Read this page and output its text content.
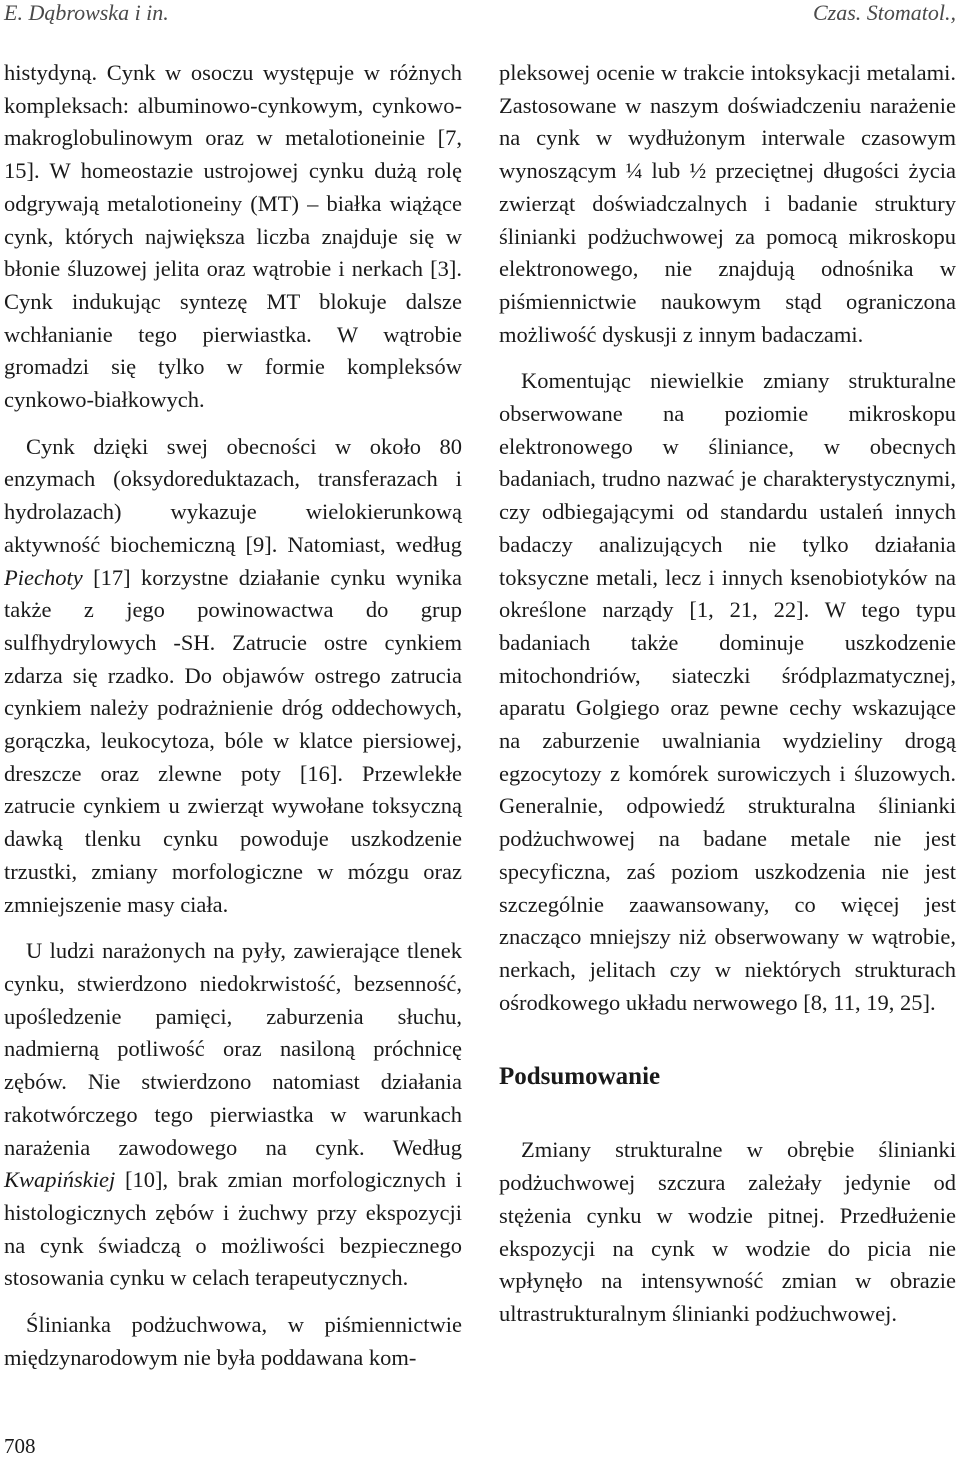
E. Dąbrowska i in.	Czas. Stomatol.,

histydyną. Cynk w osoczu występuje w różnych kompleksach: albuminowo-cynkowym, cynkowo-makroglobulinowym oraz w metalotioneinie [7, 15]. W homeostazie ustrojowej cynku dużą rolę odgrywają metalotioneiny (MT) – białka wiążące cynk, których największa liczba znajduje się w błonie śluzowej jelita oraz wątrobie i nerkach [3]. Cynk indukując syntezę MT blokuje dalsze wchłanianie tego pierwiastka. W wątrobie gromadzi się tylko w formie kompleksów cynkowo-białkowych.

Cynk dzięki swej obecności w około 80 enzymach (oksydoreduktazach, transferazach i hydrolazach) wykazuje wielokierunkową aktywność biochemiczną [9]. Natomiast, według Piechoty [17] korzystne działanie cynku wynika także z jego powinowactwa do grup sulfhydrylowych -SH. Zatrucie ostre cynkiem zdarza się rzadko. Do objawów ostrego zatrucia cynkiem należy podrażnienie dróg oddechowych, gorączka, leukocytoza, bóle w klatce piersiowej, dreszcze oraz zlewne poty [16]. Przewlekłe zatrucie cynkiem u zwierząt wywołane toksyczną dawką tlenku cynku powoduje uszkodzenie trzustki, zmiany morfologiczne w mózgu oraz zmniejszenie masy ciała.

U ludzi narażonych na pyły, zawierające tlenek cynku, stwierdzono niedokrwistość, bezsenność, upośledzenie pamięci, zaburzenia słuchu, nadmierną potliwość oraz nasiloną próchnicę zębów. Nie stwierdzono natomiast działania rakotwórczego tego pierwiastka w warunkach narażenia zawodowego na cynk. Według Kwapińskiej [10], brak zmian morfologicznych i histologicznych zębów i żuchwy przy ekspozycji na cynk świadczą o możliwości bezpiecznego stosowania cynku w celach terapeutycznych.

Ślinianka podżuchwowa, w piśmiennictwie międzynarodowym nie była poddawana kom-

pleksowej ocenie w trakcie intoksykacji metalami. Zastosowane w naszym doświadczeniu narażenie na cynk w wydłużonym interwale czasowym wynoszącym ¼ lub ½ przeciętnej długości życia zwierząt doświadczalnych i badanie struktury ślinianki podżuchwowej za pomocą mikroskopu elektronowego, nie znajdują odnośnika w piśmiennictwie naukowym stąd ograniczona możliwość dyskusji z innym badaczami.

Komentując niewielkie zmiany strukturalne obserwowane na poziomie mikroskopu elektronowego w śliniance, w obecnych badaniach, trudno nazwać je charakterystycznymi, czy odbiegającymi od standardu ustaleń innych badaczy analizujących nie tylko działania toksyczne metali, lecz i innych ksenobiotyków na określone narządy [1, 21, 22]. W tego typu badaniach także dominuje uszkodzenie mitochondriów, siateczki śródplazmatycznej, aparatu Golgiego oraz pewne cechy wskazujące na zaburzenie uwalniania wydzieliny drogą egzocytozy z komórek surowiczych i śluzowych. Generalnie, odpowiedź strukturalna ślinianki podżuchwowej na badane metale nie jest specyficzna, zaś poziom uszkodzenia nie jest szczególnie zaawansowany, co więcej jest znacząco mniejszy niż obserwowany w wątrobie, nerkach, jelitach czy w niektórych strukturach ośrodkowego układu nerwowego [8, 11, 19, 25].

Podsumowanie

Zmiany strukturalne w obrębie ślinianki podżuchwowej szczura zależały jedynie od stężenia cynku w wodzie pitnej. Przedłużenie ekspozycji na cynk w wodzie do picia nie wpłynęło na intensywność zmian w obrazie ultrastrukturalnym ślinianki podżuchwowej.

708
